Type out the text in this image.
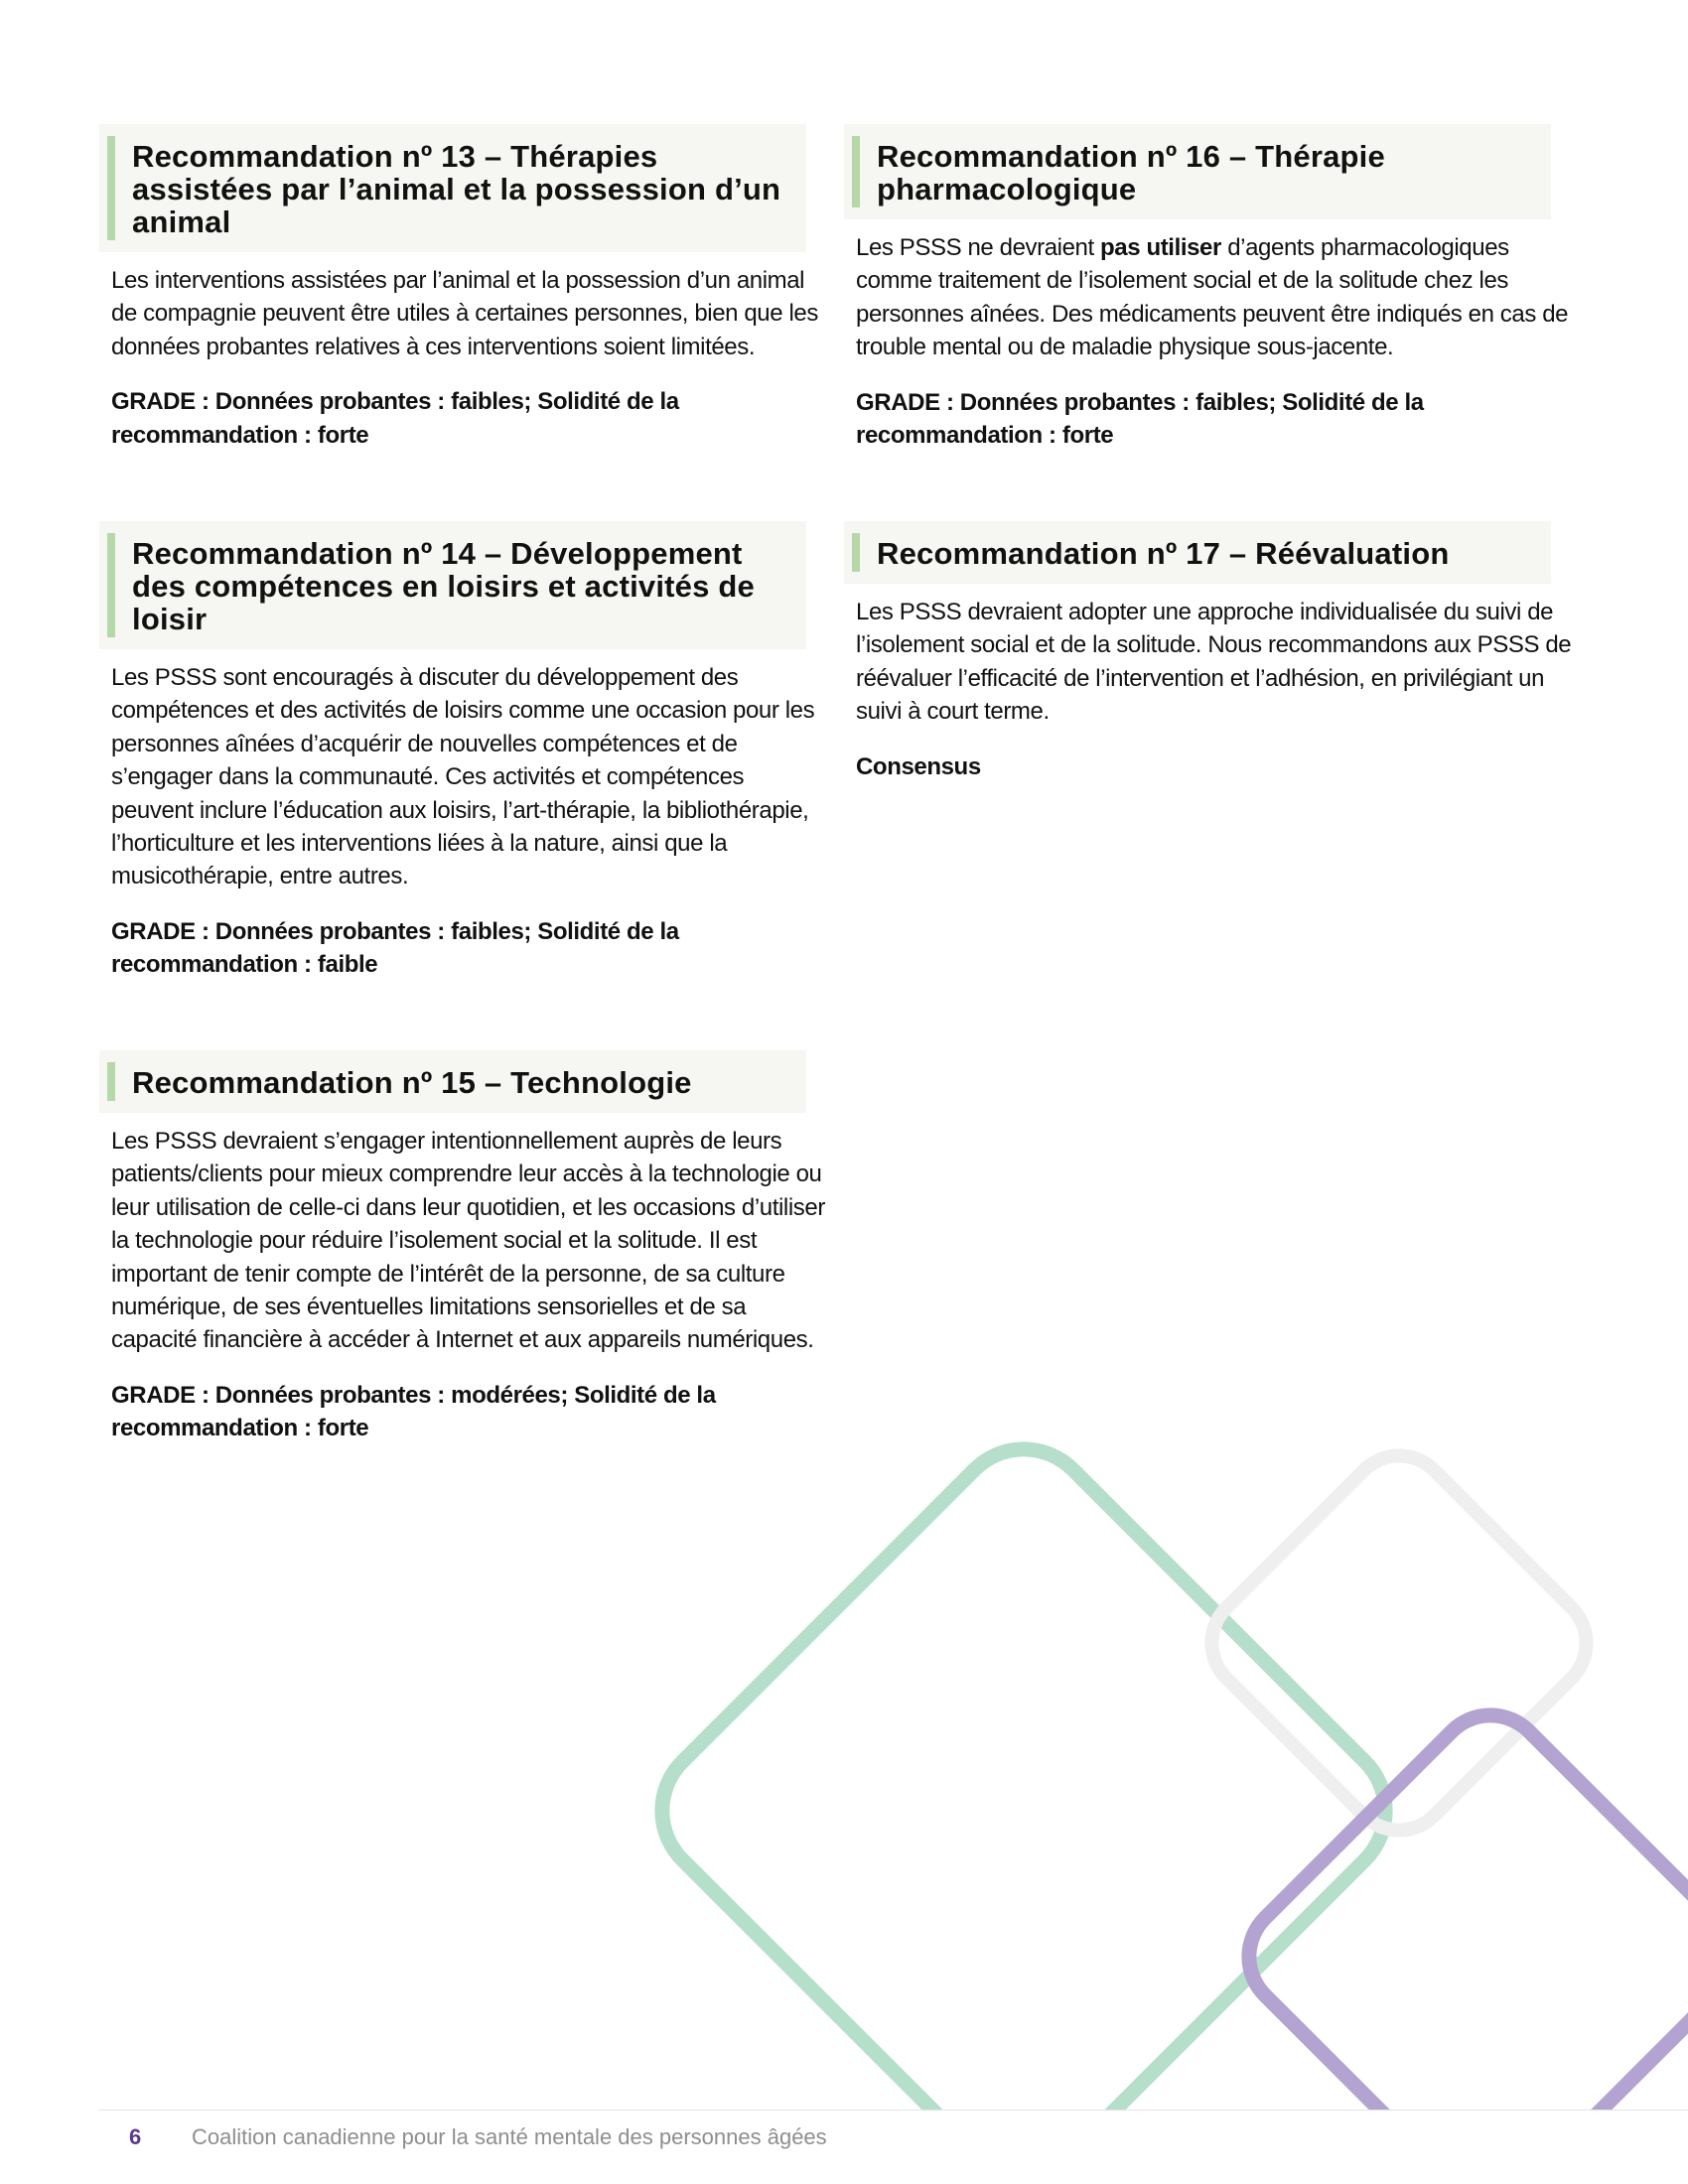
Recommandation nº 13 – Thérapies assistées par l’animal et la possession d’un animal

Les interventions assistées par l’animal et la possession d’un animal de compagnie peuvent être utiles à certaines personnes, bien que les données probantes relatives à ces interventions soient limitées.

GRADE : Données probantes : faibles; Solidité de la recommandation : forte

Recommandation nº 14 – Développement des compétences en loisirs et activités de loisir

Les PSSS sont encouragés à discuter du développement des compétences et des activités de loisirs comme une occasion pour les personnes aînées d’acquérir de nouvelles compétences et de s’engager dans la communauté. Ces activités et compétences peuvent inclure l’éducation aux loisirs, l’art-thérapie, la bibliothérapie, l’horticulture et les interventions liées à la nature, ainsi que la musicothérapie, entre autres.

GRADE : Données probantes : faibles; Solidité de la recommandation : faible

Recommandation nº 15 – Technologie

Les PSSS devraient s’engager intentionnellement auprès de leurs patients/clients pour mieux comprendre leur accès à la technologie ou leur utilisation de celle-ci dans leur quotidien, et les occasions d’utiliser la technologie pour réduire l’isolement social et la solitude. Il est important de tenir compte de l’intérêt de la personne, de sa culture numérique, de ses éventuelles limitations sensorielles et de sa capacité financière à accéder à Internet et aux appareils numériques.

GRADE : Données probantes : modérées; Solidité de la recommandation : forte

Recommandation nº 16 – Thérapie pharmacologique

Les PSSS ne devraient pas utiliser d’agents pharmacologiques comme traitement de l’isolement social et de la solitude chez les personnes aînées. Des médicaments peuvent être indiqués en cas de trouble mental ou de maladie physique sous-jacente.

GRADE : Données probantes : faibles; Solidité de la recommandation : forte

Recommandation nº 17 – Réévaluation

Les PSSS devraient adopter une approche individualisée du suivi de l’isolement social et de la solitude. Nous recommandons aux PSSS de réévaluer l’efficacité de l’intervention et l’adhésion, en privilégiant un suivi à court terme.

Consensus

6 Coalition canadienne pour la santé mentale des personnes âgées
